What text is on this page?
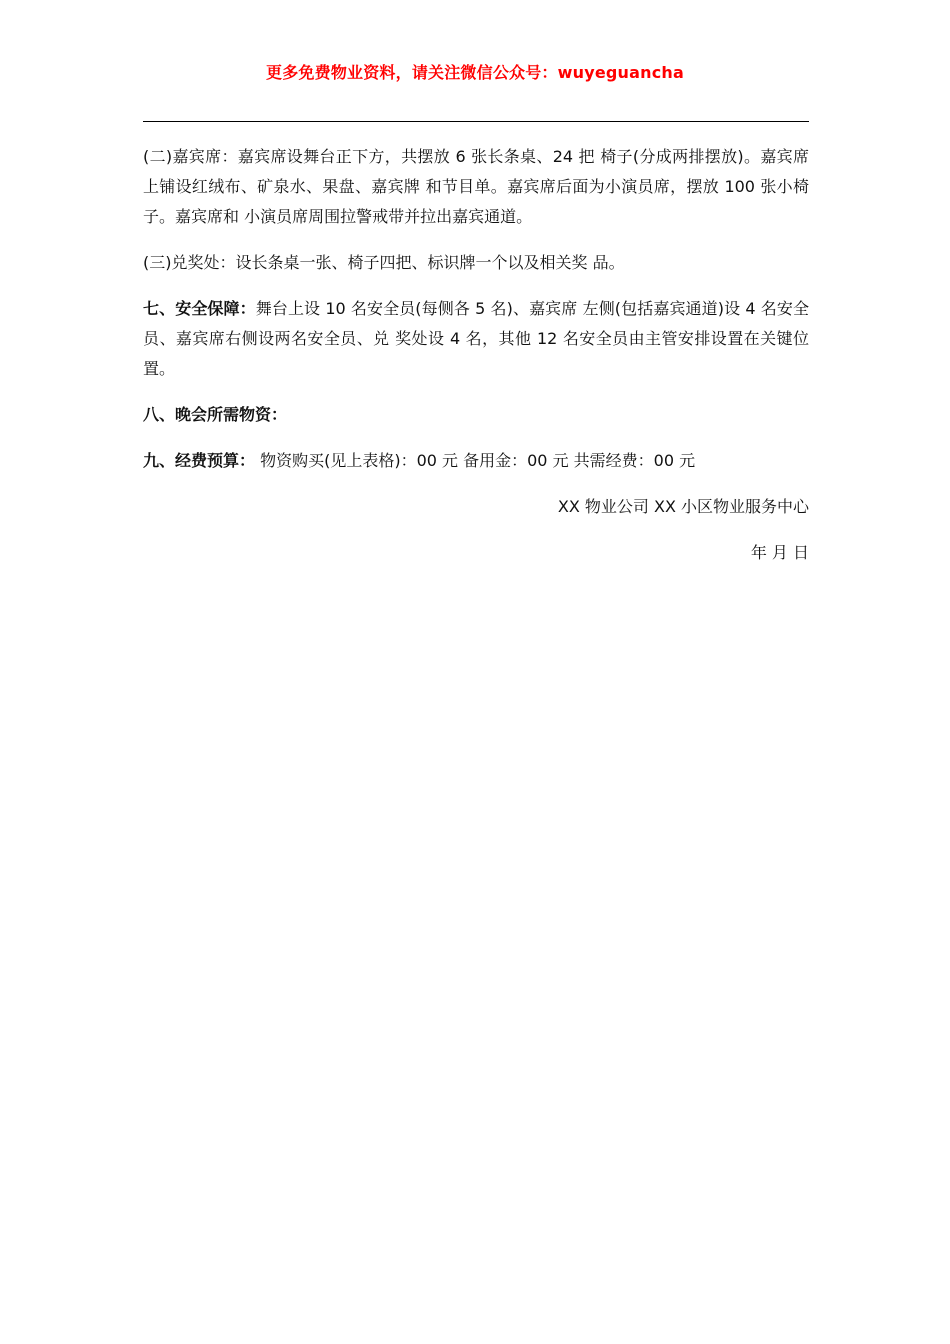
更多免费物业资料，请关注微信公众号：wuyeguancha

(二)嘉宾席：嘉宾席设舞台正下方，共摆放 6 张长条桌、24 把 椅子(分成两排摆放)。嘉宾席上铺设红绒布、矿泉水、果盘、嘉宾牌 和节目单。嘉宾席后面为小演员席，摆放 100 张小椅子。嘉宾席和 小演员席周围拉警戒带并拉出嘉宾通道。

(三)兑奖处：设长条桌一张、椅子四把、标识牌一个以及相关奖 品。

七、安全保障：舞台上设 10 名安全员(每侧各 5 名)、嘉宾席 左侧(包括嘉宾通道)设 4 名安全员、嘉宾席右侧设两名安全员、兑 奖处设 4 名，其他 12 名安全员由主管安排设置在关键位置。

八、晚会所需物资：

九、经费预算： 物资购买(见上表格)：00 元 备用金：00 元 共需经费：00 元

XX 物业公司 XX 小区物业服务中心

年 月 日
